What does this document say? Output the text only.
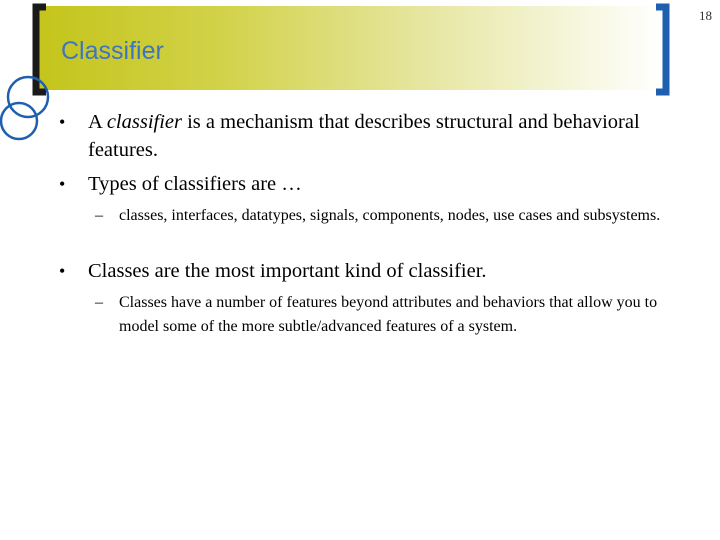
Classifier
18
• A classifier is a mechanism that describes structural and behavioral features.
• Types of classifiers are …
– classes, interfaces, datatypes, signals, components, nodes, use cases and subsystems.
• Classes are the most important kind of classifier.
– Classes have a number of features beyond attributes and behaviors that allow you to model some of the more subtle/advanced features of a system.
